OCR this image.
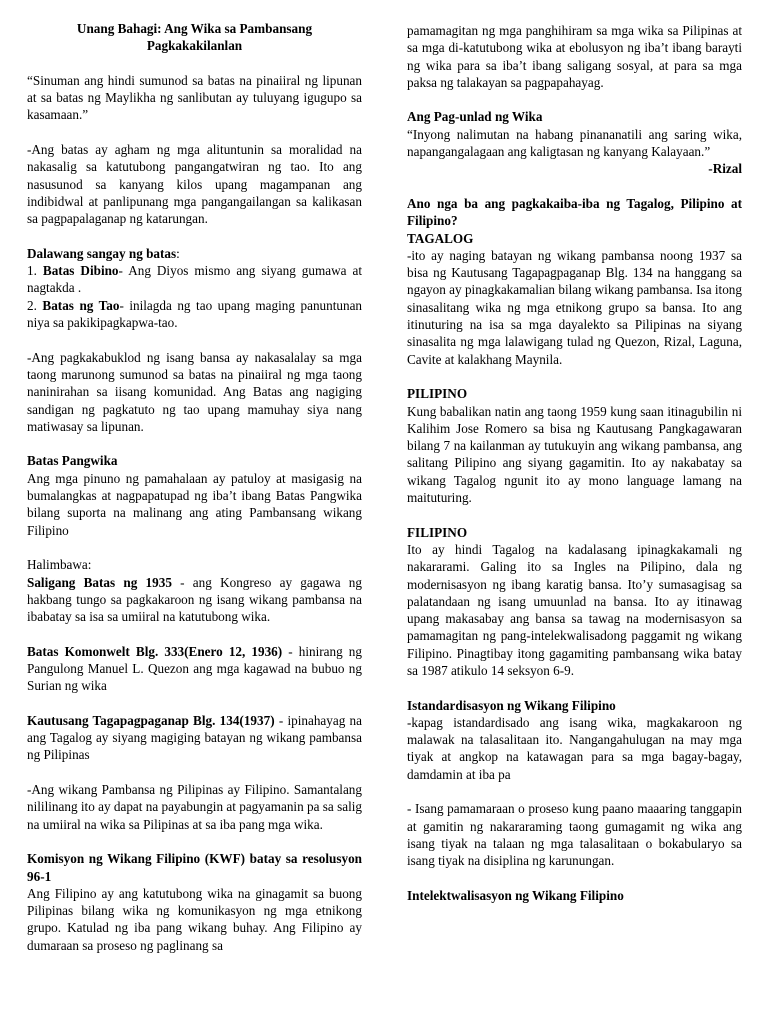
Unang Bahagi: Ang Wika sa Pambansang Pagkakakilanlan

“Sinuman ang hindi sumunod sa batas na pinaiiral ng lipunan at sa batas ng Maylikha ng sanlibutan ay tuluyang igugupo sa kasamaan.”

-Ang batas ay agham ng mga alituntunin sa moralidad na nakasalig sa katutubong pangangatwiran ng tao. Ito ang nasusunod sa kanyang kilos upang magampanan ang indibidwal at panlipunang mga pangangailangan sa kalikasan sa pagpapalaganap ng katarungan.

Dalawang sangay ng batas:

1. Batas Dibino- Ang Diyos mismo ang siyang gumawa at nagtakda .

2. Batas ng Tao- inilagda ng tao upang maging panuntunan niya sa pakikipagkapwa-tao.

-Ang pagkakabuklod ng isang bansa ay nakasalalay sa mga taong marunong sumunod sa batas na pinaiiral ng mga taong naninirahan sa iisang komunidad. Ang Batas ang nagiging sandigan ng pagkatuto ng tao upang mamuhay siya nang matiwasay sa lipunan.

Batas Pangwika

Ang mga pinuno ng pamahalaan ay patuloy at masigasig na bumalangkas at nagpapatupad ng iba’t ibang Batas Pangwika bilang suporta na malinang ang ating Pambansang wikang Filipino

Halimbawa:

Saligang Batas ng 1935 - ang Kongreso ay gagawa ng hakbang tungo sa pagkakaroon ng isang wikang pambansa na ibabatay sa isa sa umiiral na katutubong wika.

Batas Komonwelt Blg. 333(Enero 12, 1936) - hinirang ng Pangulong Manuel L. Quezon ang mga kagawad na bubuo ng Surian ng wika

Kautusang Tagapagpaganap Blg. 134(1937) - ipinahayag na ang Tagalog ay siyang magiging batayan ng wikang pambansa ng Pilipinas

-Ang wikang Pambansa ng Pilipinas ay Filipino. Samantalang nililinang ito ay dapat na payabungin at pagyamanin pa sa salig na umiiral na wika sa Pilipinas at sa iba pang mga wika.

Komisyon ng Wikang Filipino (KWF) batay sa resolusyon 96-1

Ang Filipino ay ang katutubong wika na ginagamit sa buong Pilipinas bilang wika ng komunikasyon ng mga etnikong grupo. Katulad ng iba pang wikang buhay. Ang Filipino ay dumaraan sa proseso ng paglinang sa

pamamagitan ng mga panghihiram sa mga wika sa Pilipinas at sa mga di-katutubong wika at ebolusyon ng iba’t ibang barayti ng wika para sa iba’t ibang saligang sosyal, at para sa mga paksa ng talakayan sa pagpapahayag.

Ang Pag-unlad ng Wika

“Inyong nalimutan na habang pinananatili ang saring wika, napangangalagaan ang kaligtasan ng kanyang Kalayaan.”

-Rizal

Ano nga ba ang pagkakaiba-iba ng Tagalog, Pilipino at Filipino?

TAGALOG

-ito ay naging batayan ng wikang pambansa noong 1937 sa bisa ng Kautusang Tagapagpaganap Blg. 134 na hanggang sa ngayon ay pinagkakamalian bilang wikang pambansa. Isa itong sinasalitang wika ng mga etnikong grupo sa bansa. Ito ang itinuturing na isa sa mga dayalekto sa Pilipinas na siyang sinasalita ng mga lalawigang tulad ng Quezon, Rizal, Laguna, Cavite at kalakhang Maynila.

PILIPINO

Kung babalikan natin ang taong 1959 kung saan itinagubilin ni Kalihim Jose Romero sa bisa ng Kautusang Pangkagawaran bilang 7 na kailanman ay tutukuyin ang wikang pambansa, ang salitang Pilipino ang siyang gagamitin. Ito ay nakabatay sa wikang Tagalog ngunit ito ay mono language lamang na maituturing.

FILIPINO

Ito ay hindi Tagalog na kadalasang ipinagkakamali ng nakararami. Galing ito sa Ingles na Pilipino, dala ng modernisasyon ng ibang karatig bansa. Ito’y sumasagisag sa palatandaan ng isang umuunlad na bansa. Ito ay itinawag upang makasabay ang bansa sa tawag na modernisasyon sa pamamagitan ng pang-intelekwalisadong paggamit ng wikang Filipino. Pinagtibay itong gagamiting pambansang wika batay sa 1987 atikulo 14 seksyon 6-9.

Istandardisasyon ng Wikang Filipino

-kapag istandardisado ang isang wika, magkakaroon ng malawak na talasalitaan ito. Nangangahulugan na may mga tiyak at angkop na katawagan para sa mga bagay-bagay, damdamin at iba pa

- Isang pamamaraan o proseso kung paano maaaring tanggapin at gamitin ng nakararaming taong gumagamit ng wika ang isang tiyak na talaan ng mga talasalitaan o bokabularyo sa isang tiyak na disiplina ng karunungan.

Intelektwalisasyon ng Wikang Filipino
